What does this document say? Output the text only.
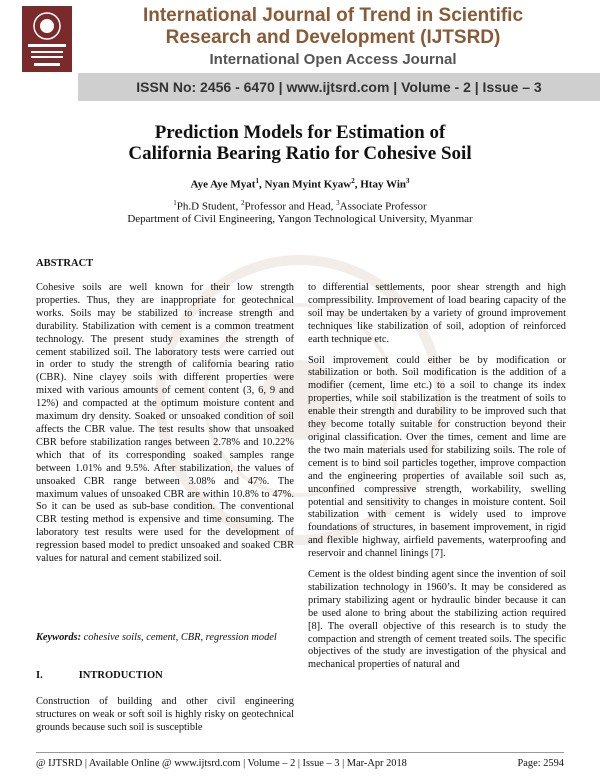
International Journal of Trend in Scientific
Research and Development (IJTSRD)
International Open Access Journal
ISSN No: 2456 - 6470 | www.ijtsrd.com | Volume - 2 | Issue – 3
Prediction Models for Estimation of
California Bearing Ratio for Cohesive Soil
Aye Aye Myat$^1$, Nyan Myint Kyaw$^2$, Htay Win$^3$
$^1$Ph.D Student, $^2$Professor and Head, $^3$Associate Professor
Department of Civil Engineering, Yangon Technological University, Myanmar
ABSTRACT

Cohesive soils are well known for their low strength properties. Thus, they are inappropriate for geotechnical works. Soils may be stabilized to increase strength and durability. Stabilization with cement is a common treatment technology. The present study examines the strength of cement stabilized soil. The laboratory tests were carried out in order to study the strength of california bearing ratio (CBR). Nine clayey soils with different properties were mixed with various amounts of cement content (3, 6, 9 and 12%) and compacted at the optimum moisture content and maximum dry density. Soaked or unsoaked condition of soil affects the CBR value. The test results show that unsoaked CBR before stabilization ranges between 2.78% and 10.22% which that of its corresponding soaked samples range between 1.01% and 9.5%. After stabilization, the values of unsoaked CBR range between 3.08% and 47%. The maximum values of unsoaked CBR are within 10.8% to 47%. So it can be used as sub-base condition. The conventional CBR testing method is expensive and time consuming. The laboratory test results were used for the development of regression based model to predict unsoaked and soaked CBR values for natural and cement stabilized soil.

Keywords: cohesive soils, cement, CBR, regression model
I.	INTRODUCTION
Construction of building and other civil engineering structures on weak or soft soil is highly risky on geotechnical grounds because such soil is susceptible

to differential settlements, poor shear strength and high compressibility. Improvement of load bearing capacity of the soil may be undertaken by a variety of ground improvement techniques like stabilization of soil, adoption of reinforced earth technique etc.

Soil improvement could either be by modification or stabilization or both. Soil modification is the addition of a modifier (cement, lime etc.) to a soil to change its index properties, while soil stabilization is the treatment of soils to enable their strength and durability to be improved such that they become totally suitable for construction beyond their original classification. Over the times, cement and lime are the two main materials used for stabilizing soils. The role of cement is to bind soil particles together, improve compaction and the engineering properties of available soil such as, unconfined compressive strength, workability, swelling potential and sensitivity to changes in moisture content. Soil stabilization with cement is widely used to improve foundations of structures, in basement improvement, in rigid and flexible highway, airfield pavements, waterproofing and reservoir and channel linings [7].

Cement is the oldest binding agent since the invention of soil stabilization technology in 1960’s. It may be considered as primary stabilizing agent or hydraulic binder because it can be used alone to bring about the stabilizing action required [8]. The overall objective of this research is to study the compaction and strength of cement treated soils. The specific objectives of the study are investigation of the physical and mechanical properties of natural and

@ IJTSRD | Available Online @ www.ijtsrd.com | Volume – 2 | Issue – 3 | Mar-Apr 2018	Page: 2594
